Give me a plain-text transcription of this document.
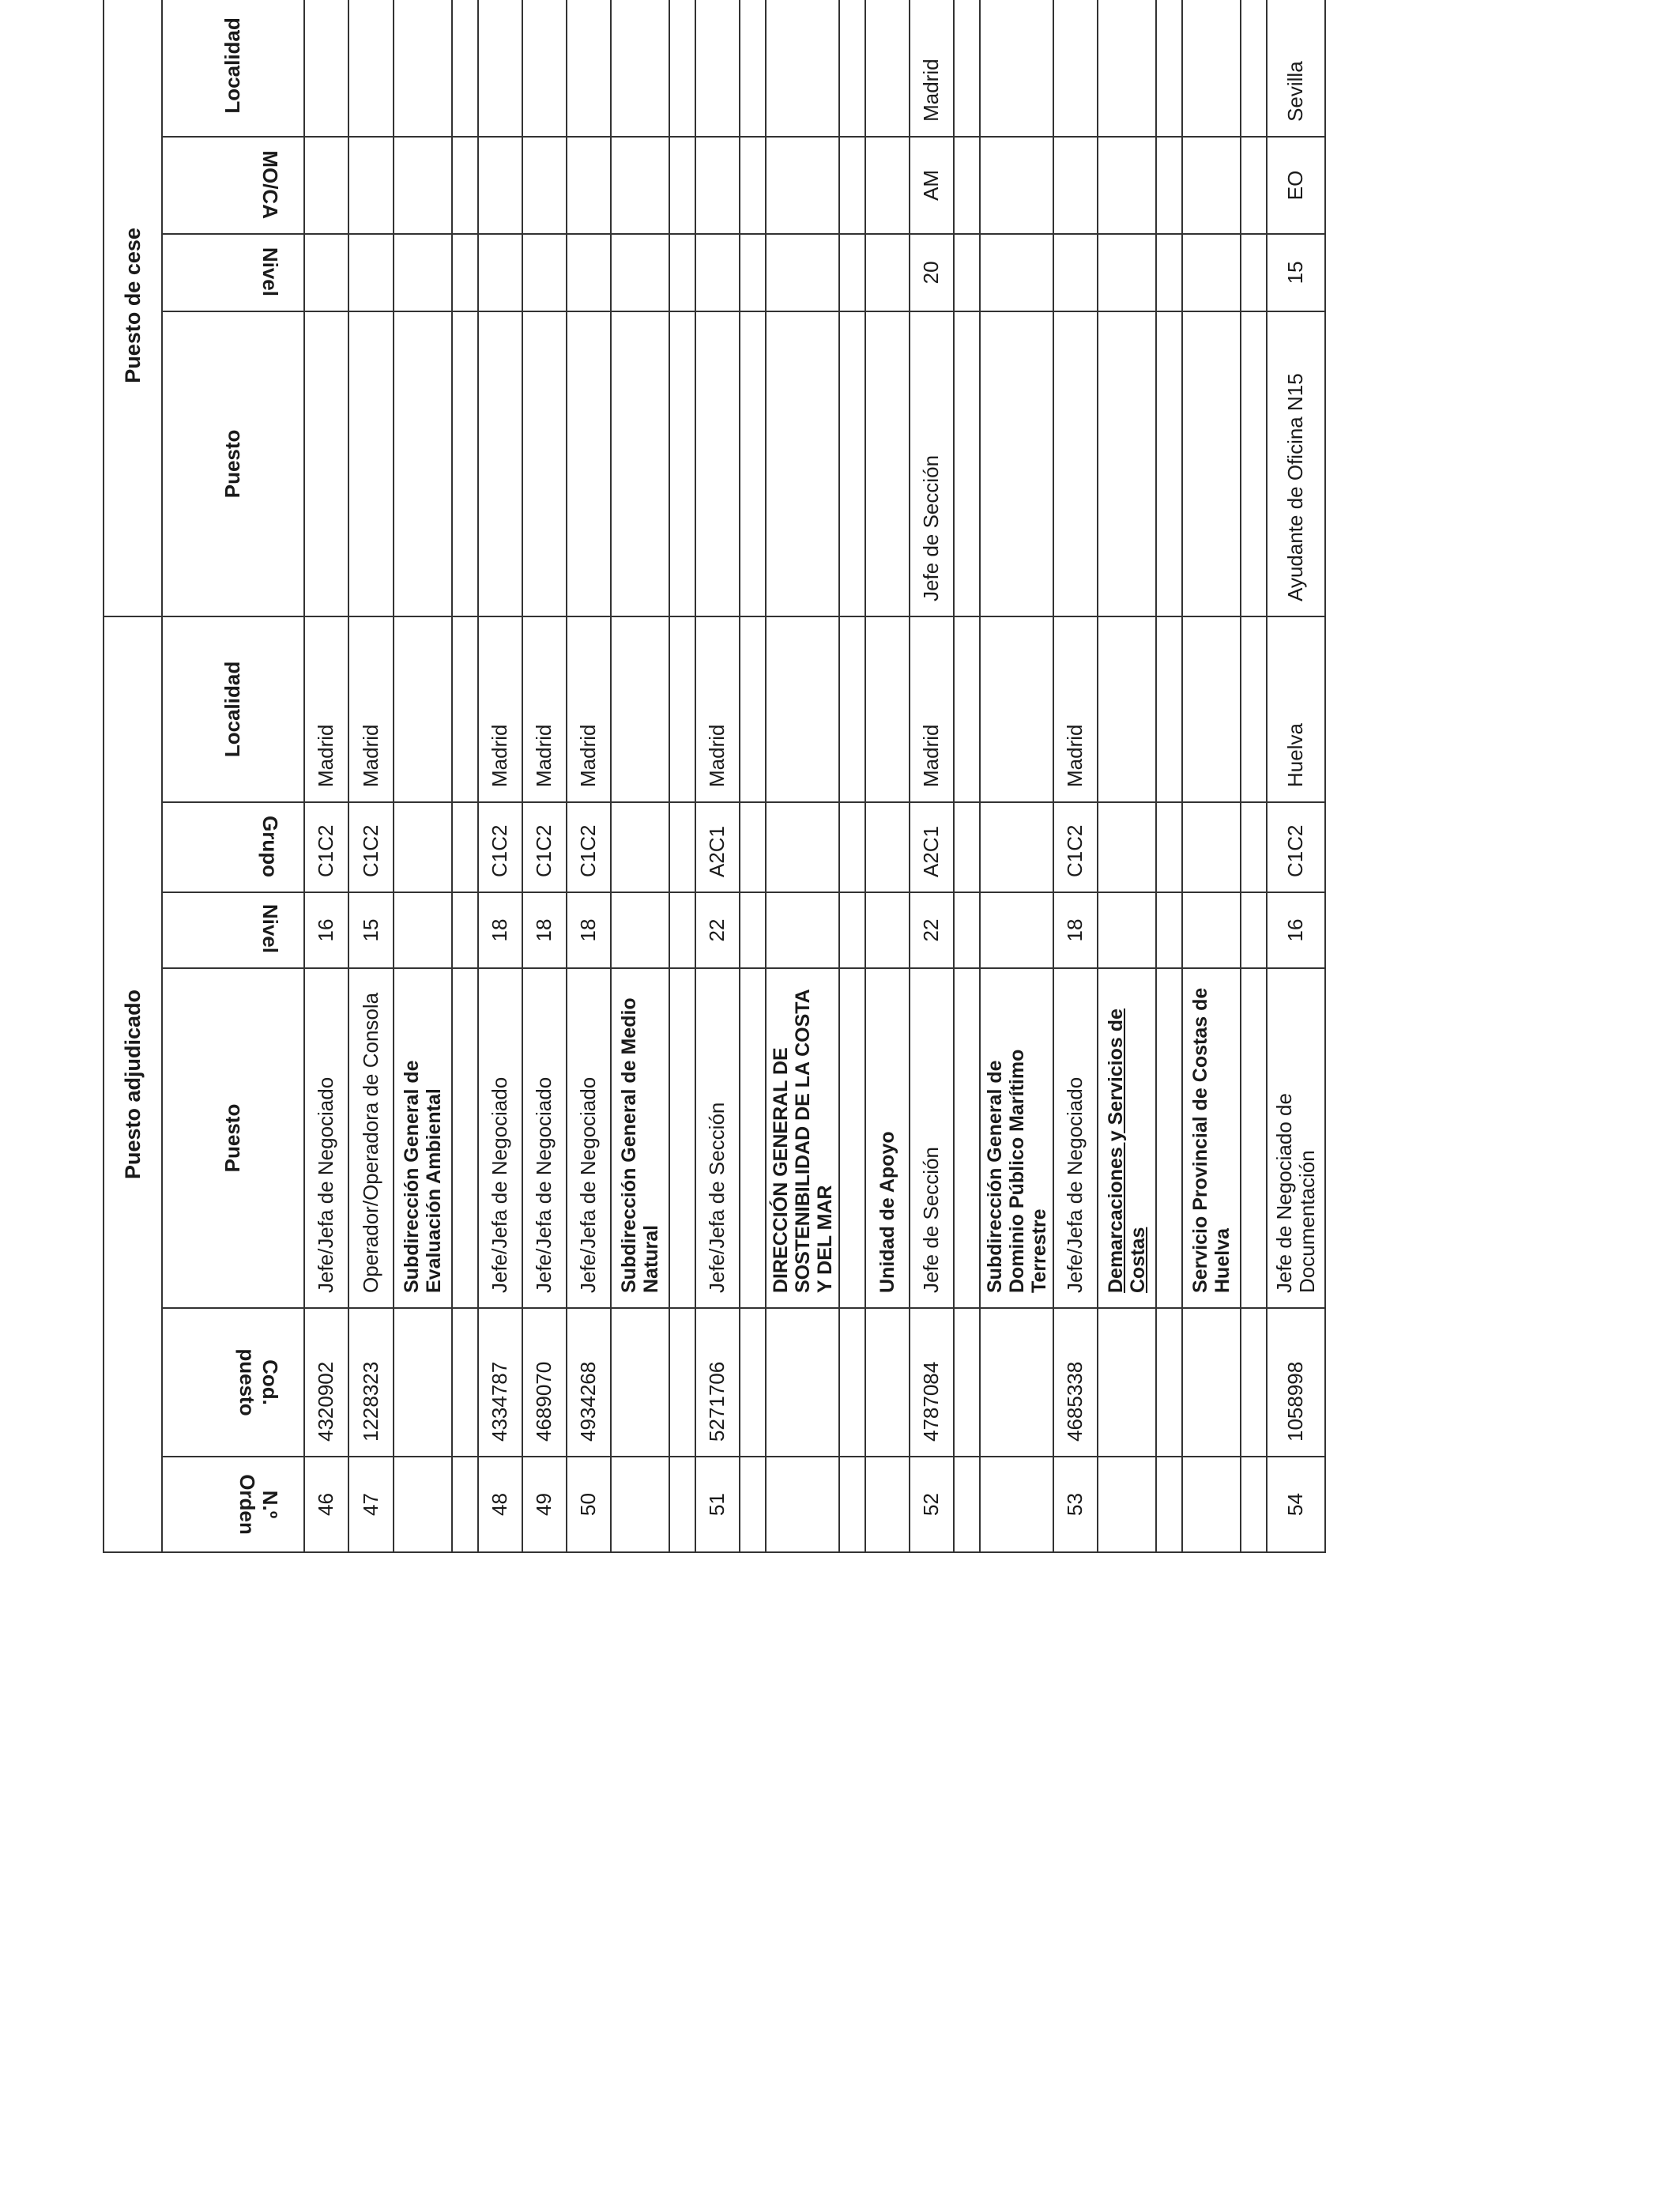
Puesto adjudicado						Puesto de cese	
N.º Orden	Cod. puesto	Puesto	Nivel	Grupo	Localidad	Puesto	Nivel	MO/CA	Localidad				
46	4320902	Jefe/Jefa de Negociado	16	C1C2	Madrid								
47	1228323	Operador/Operadora de Consola	15	C1C2	Madrid								
		Subdirección General de Evaluación Ambiental											

48	4334787	Jefe/Jefa de Negociado	18	C1C2	Madrid								
49	4689070	Jefe/Jefa de Negociado	18	C1C2	Madrid								
50	4934268	Jefe/Jefa de Negociado	18	C1C2	Madrid								
		Subdirección General de Medio Natural											

51	5271706	Jefe/Jefa de Sección	22	A2C1	Madrid								

		DIRECCIÓN GENERAL DE SOSTENIBILIDAD DE LA COSTA Y DEL MAR											

		Unidad de Apoyo											
52	4787084	Jefe de Sección	22	A2C1	Madrid	Jefe de Sección	20	AM	Madrid				

		Subdirección General de Dominio Público Marítimo Terrestre											
53	4685338	Jefe/Jefa de Negociado	18	C1C2	Madrid								
		Demarcaciones y Servicios de Costas											

		Servicio Provincial de Costas de Huelva											

54	1058998	Jefe de Negociado de Documentación	16	C1C2	Huelva	Ayudante de Oficina N15	15	EO	Sevilla				
